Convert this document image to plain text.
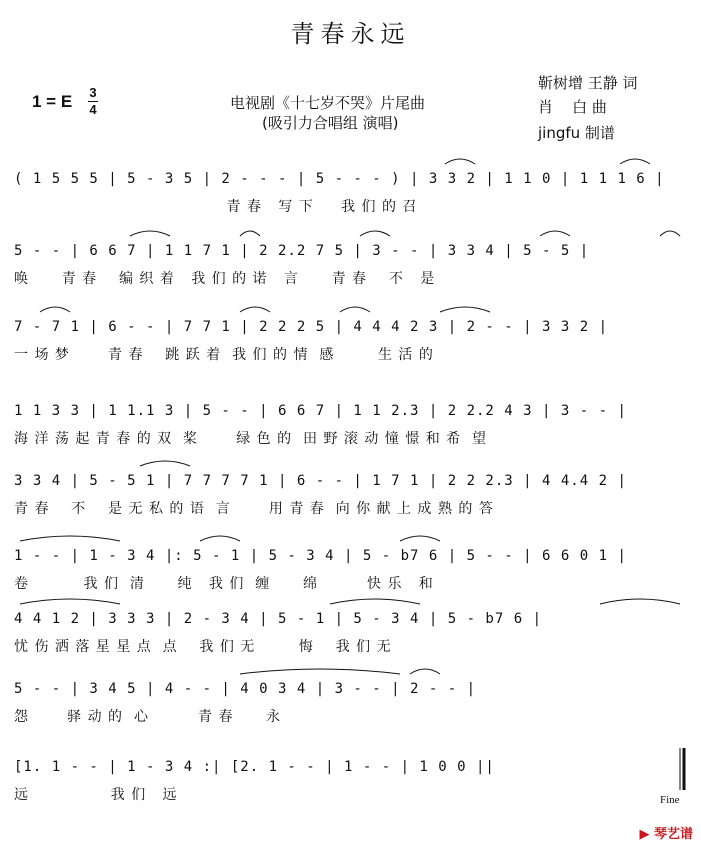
青春永远
1 = E 3
4	电视剧《十七岁不哭》片尾曲
(吸引力合唱组 演唱)
靳树增 王静 词
肖    白 曲
jingfu 制谱
( 1 5 5 5 | 5 - 3 5 | 2 - - - | 5 - - - ) | 3 3 2 | 1 1 0 | 1 1 1 6 |
青 春   写 下     我 们 的 召
5 - - | 6 6 7 | 1 1 7 1 | 2 2.2 7 5 | 3 - - | 3 3 4 | 5 - 5 |
唤      青 春    编 织 着   我 们 的 诺   言      青 春    不   是
7 - 7 1 | 6 - - | 7 7 1 | 2 2 2 5 | 4 4 4 2 3 | 2 - - | 3 3 2 |
一 场 梦       青 春    跳 跃 着  我 们 的 情  感        生 活 的
1 1 3 3 | 1 1.1 3 | 5 - - | 6 6 7 | 1 1 2.3 | 2 2.2 4 3 | 3 - - |
海 洋 荡 起 青 春 的 双  桨       绿 色 的  田 野 滚 动 憧 憬 和 希  望
3 3 4 | 5 - 5 1 | 7 7 7 7 1 | 6 - - | 1 7 1 | 2 2 2.3 | 4 4.4 2 |
青 春    不    是 无 私 的 语  言       用 青 春  向 你 献 上 成 熟 的 答
1 - - | 1 - 3 4 |: 5 - 1 | 5 - 3 4 | 5 - b7 6 | 5 - - | 6 6 0 1 |
卷          我 们  清      纯   我 们  缠      绵         快 乐   和
4 4 1 2 | 3 3 3 | 2 - 3 4 | 5 - 1 | 5 - 3 4 | 5 - b7 6 |
忧 伤 洒 落 星 星 点  点    我 们 无        悔    我 们 无
5 - - | 3 4 5 | 4 - - | 4 0 3 4 | 3 - - | 2 - - |
怨       驿 动 的  心         青 春      永
[1. 1 - - | 1 - 3 4 :| [2. 1 - - | 1 - - | 1 0 0 ||
远               我 们   远	Fine
▶ 琴艺谱
